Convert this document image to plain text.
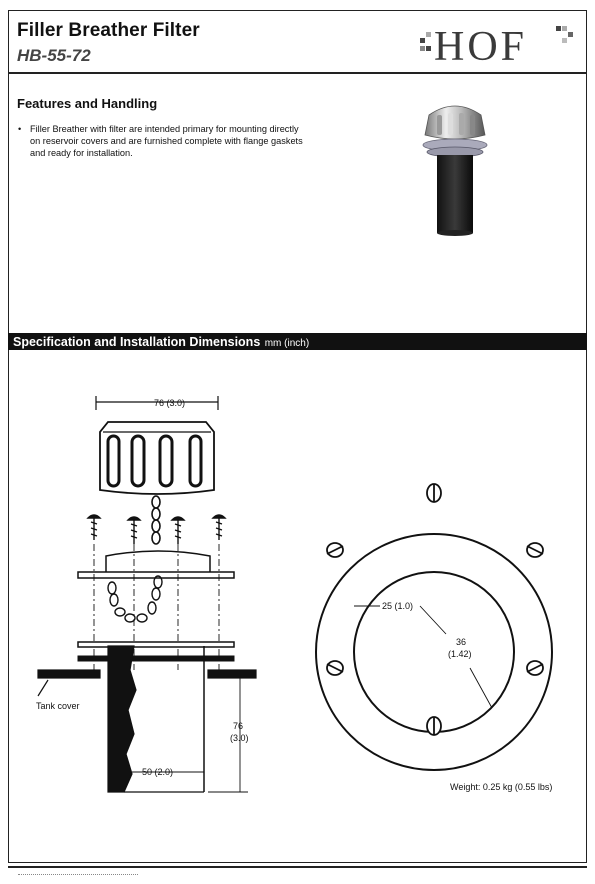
Filler Breather Filter
HB-55-72	HOF
Features and Handling
• Filler Breather with filter are intended primary for mounting directly on reservoir covers and are furnished complete with flange gaskets and ready for installation.
Specification and Installation Dimensions mm (inch)
76 (3.0)
Tank cover
76
(3.0)
50 (2.0)
25 (1.0)
36
(1.42)
Weight: 0.25 kg (0.55 lbs)
